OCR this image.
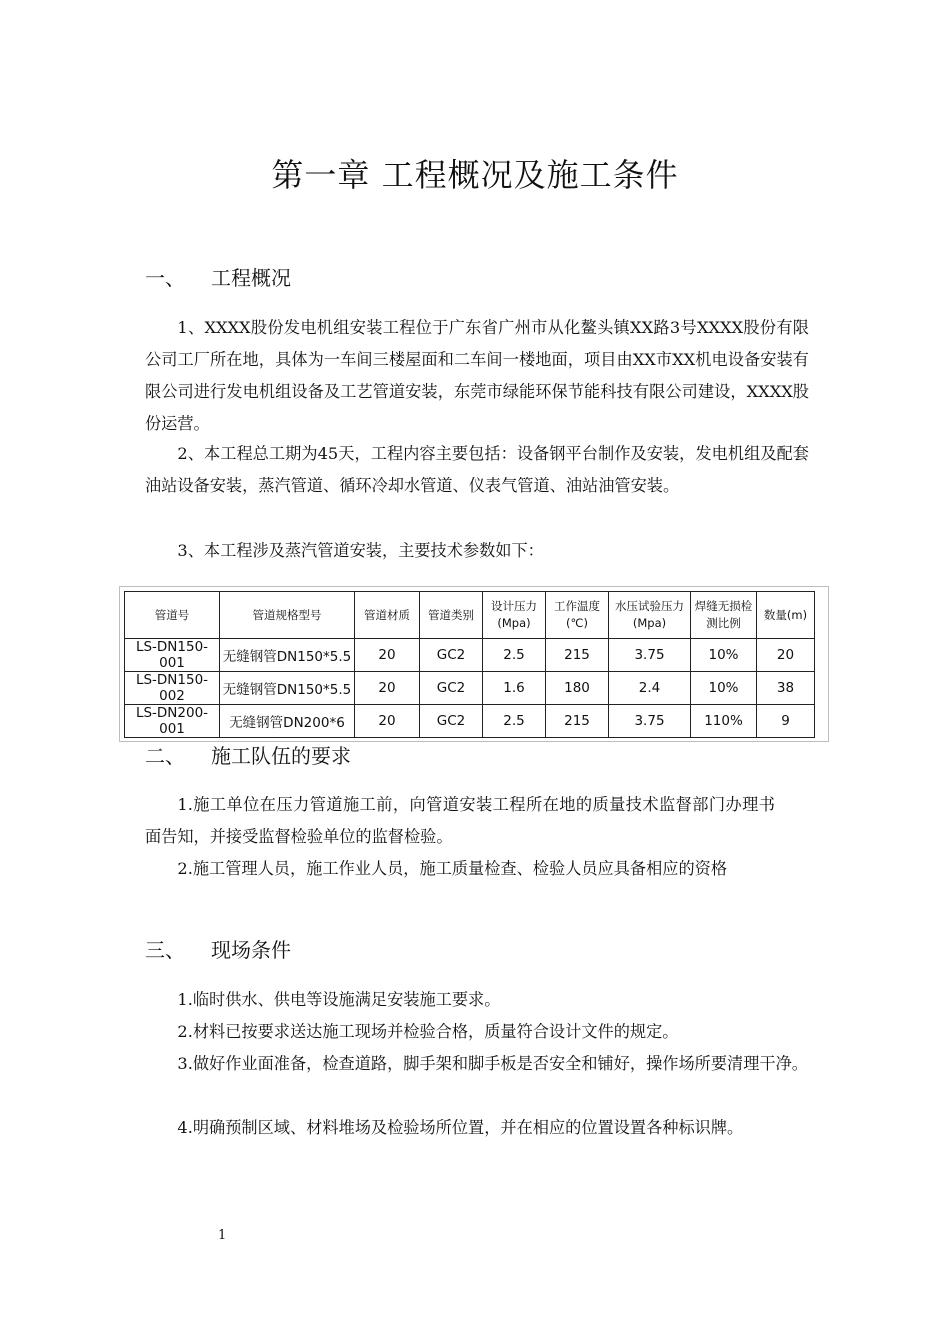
第一章 工程概况及施工条件
一、 工程概况
1、XXXX股份发电机组安装工程位于广东省广州市从化鳌头镇XX路3号XXXX股份有限公司工厂所在地，具体为一车间三楼屋面和二车间一楼地面，项目由XX市XX机电设备安装有限公司进行发电机组设备及工艺管道安装，东莞市绿能环保节能科技有限公司建设，XXXX股份运营。
2、本工程总工期为45天，工程内容主要包括：设备钢平台制作及安装，发电机组及配套油站设备安装，蒸汽管道、循环冷却水管道、仪表气管道、油站油管安装。
3、本工程涉及蒸汽管道安装，主要技术参数如下：
管道号	管道规格型号	管道材质	管道类别	设计压力(Mpa)	工作温度(℃)	水压试验压力(Mpa)	焊缝无损检测比例	数量(m)
LS-DN150-001	无缝钢管DN150*5.5	20	GC2	2.5	215	3.75	10%	20
LS-DN150-002	无缝钢管DN150*5.5	20	GC2	1.6	180	2.4	10%	38
LS-DN200-001	无缝钢管DN200*6	20	GC2	2.5	215	3.75	110%	9
二、 施工队伍的要求
1.施工单位在压力管道施工前，向管道安装工程所在地的质量技术监督部门办理书面告知，并接受监督检验单位的监督检验。
2.施工管理人员，施工作业人员，施工质量检查、检验人员应具备相应的资格
三、 现场条件
1.临时供水、供电等设施满足安装施工要求。
2.材料已按要求送达施工现场并检验合格，质量符合设计文件的规定。
3.做好作业面准备，检查道路，脚手架和脚手板是否安全和铺好，操作场所要清理干净。
4.明确预制区域、材料堆场及检验场所位置，并在相应的位置设置各种标识牌。
1
